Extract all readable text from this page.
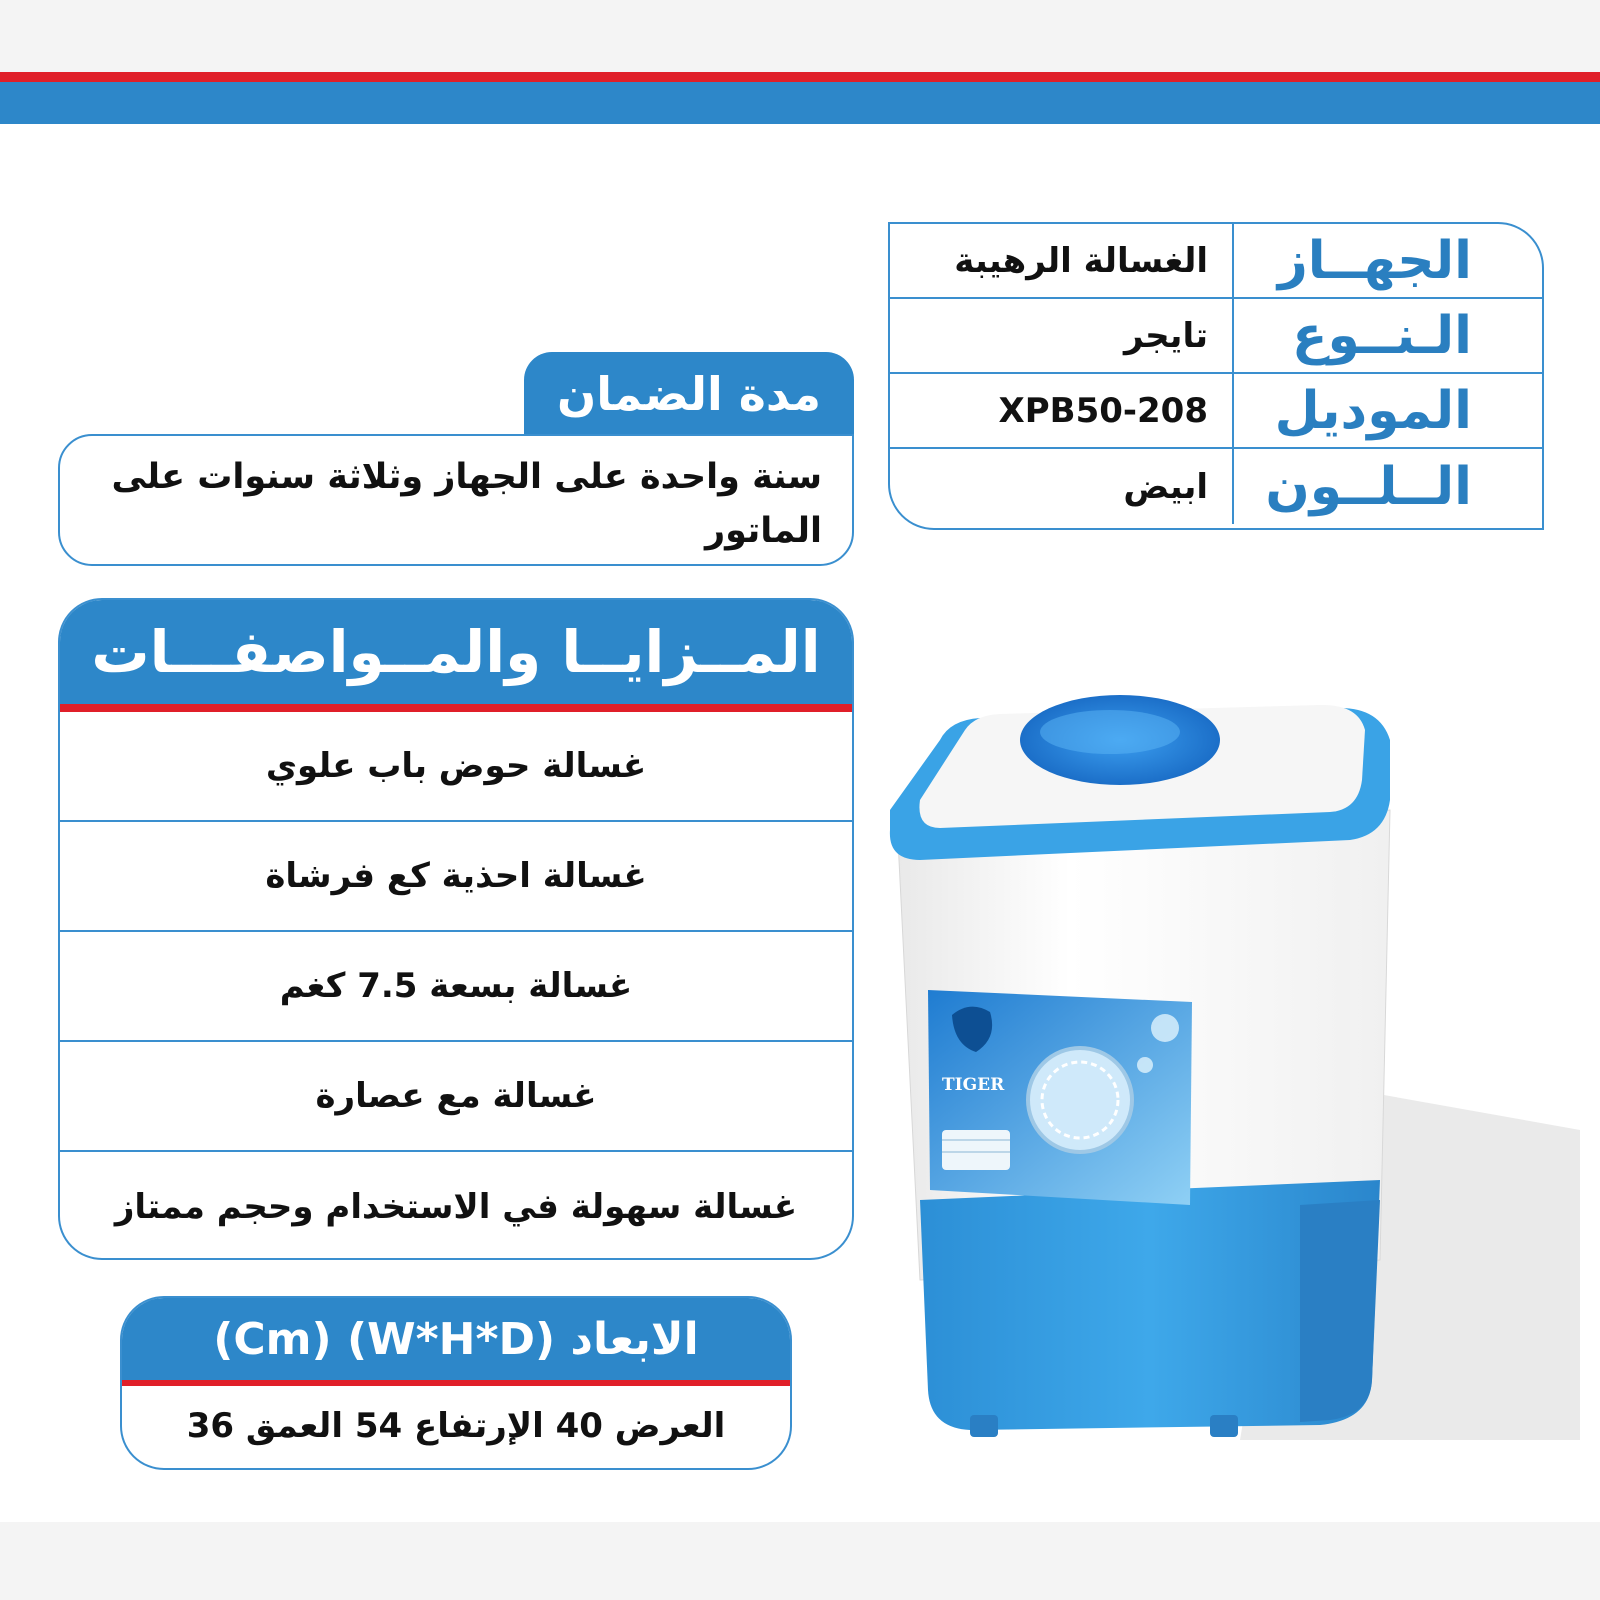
الجهــاز
الغسالة الرهيبة
الـنــوع
تايجر
الموديل
XPB50-208
الــلــون
ابيض
مدة الضمان
سنة واحدة على الجهاز وثلاثة سنوات على الماتور
المــزايــا والمــواصفـــات
غسالة حوض باب علوي
غسالة احذية كع فرشاة
غسالة بسعة 7.5 كغم
غسالة مع عصارة
غسالة سهولة في الاستخدام وحجم ممتاز
الابعاد (W*H*D) (Cm)
العرض 40 الإرتفاع 54 العمق 36
TIGER
